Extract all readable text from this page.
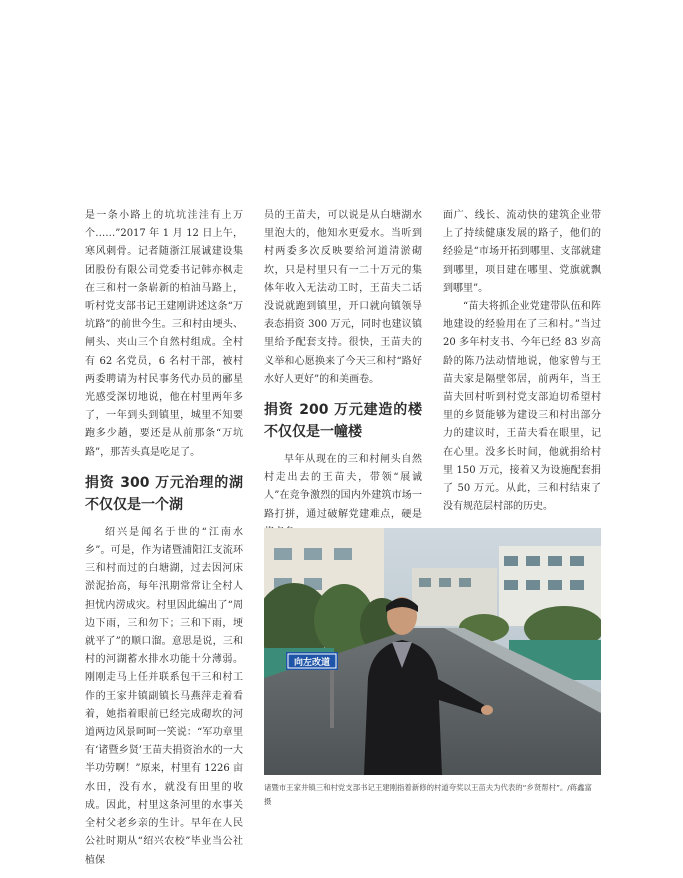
是一条小路上的坑坑洼洼有上万个……”2017 年 1 月 12 日上午，寒风刺骨。记者随浙江展诚建设集团股份有限公司党委书记韩亦枫走在三和村一条崭新的柏油马路上，听村党支部书记王建刚讲述这条“万坑路”的前世今生。三和村由埂头、闸头、夹山三个自然村组成。全村有 62 名党员，6 名村干部，被村两委聘请为村民事务代办员的郦星光感受深切地说，他在村里两年多了，一年到头到镇里，城里不知要跑多少趟，要还是从前那条“万坑路”，那苦头真是吃足了。

捐资 300 万元治理的湖不仅仅是一个湖

绍兴是闻名于世的“江南水乡”。可是，作为诸暨浦阳江支流环三和村而过的白塘湖，过去因河床淤泥抬高，每年汛期常常让全村人担忧内涝成灾。村里因此编出了“周边下雨，三和勿下；三和下雨，埂就平了”的顺口溜。意思是说，三和村的河湖蓄水排水功能十分薄弱。刚刚走马上任并联系包干三和村工作的王家井镇副镇长马燕萍走着看着，她指着眼前已经完成砌坎的河道两边风景呵呵一笑说：“军功章里有‘诸暨乡贤’王苗夫捐资治水的一大半功劳啊！”原来，村里有 1226 亩水田，没有水，就没有田里的收成。因此，村里这条河里的水事关全村父老乡亲的生计。早年在人民公社时期从“绍兴农校”毕业当公社植保

员的王苗夫，可以说是从白塘湖水里泡大的，他知水更爱水。当听到村两委多次反映要给河道清淤砌坎，只是村里只有一二十万元的集体年收入无法动工时，王苗夫二话没说就跑到镇里，开口就向镇领导表态捐资 300 万元，同时也建议镇里给予配套支持。很快，王苗夫的义举和心愿换来了今天三和村“路好水好人更好”的和美画卷。

捐资 200 万元建造的楼不仅仅是一幢楼

早年从现在的三和村闸头自然村走出去的王苗夫，带领“展诚人”在竞争激烈的国内外建筑市场一路打拼，通过破解党建难点，硬是

面广、线长、流动快的建筑企业带上了持续健康发展的路子，他们的经验是“市场开拓到哪里、支部就建到哪里，项目建在哪里、党旗就飘到哪里”。

“苗夫将抓企业党建带队伍和阵地建设的经验用在了三和村。”当过 20 多年村支书、今年已经 83 岁高龄的陈乃法动情地说，他家曾与王苗夫家是隔壁邻居，前两年，当王苗夫回村听到村党支部迫切希望村里的乡贤能够为建设三和村出部分力的建议时，王苗夫看在眼里，记在心里。没多长时间，他就捐给村里 150 万元，接着又为设施配套捐了 50 万元。从此，三和村结束了没有规范层村部的历史。

向左改道
诸暨市王家井镇三和村党支部书记王建刚指着新修的村道夸奖以王苗夫为代表的“乡贤帮村”。/蒋鑫富 摄
